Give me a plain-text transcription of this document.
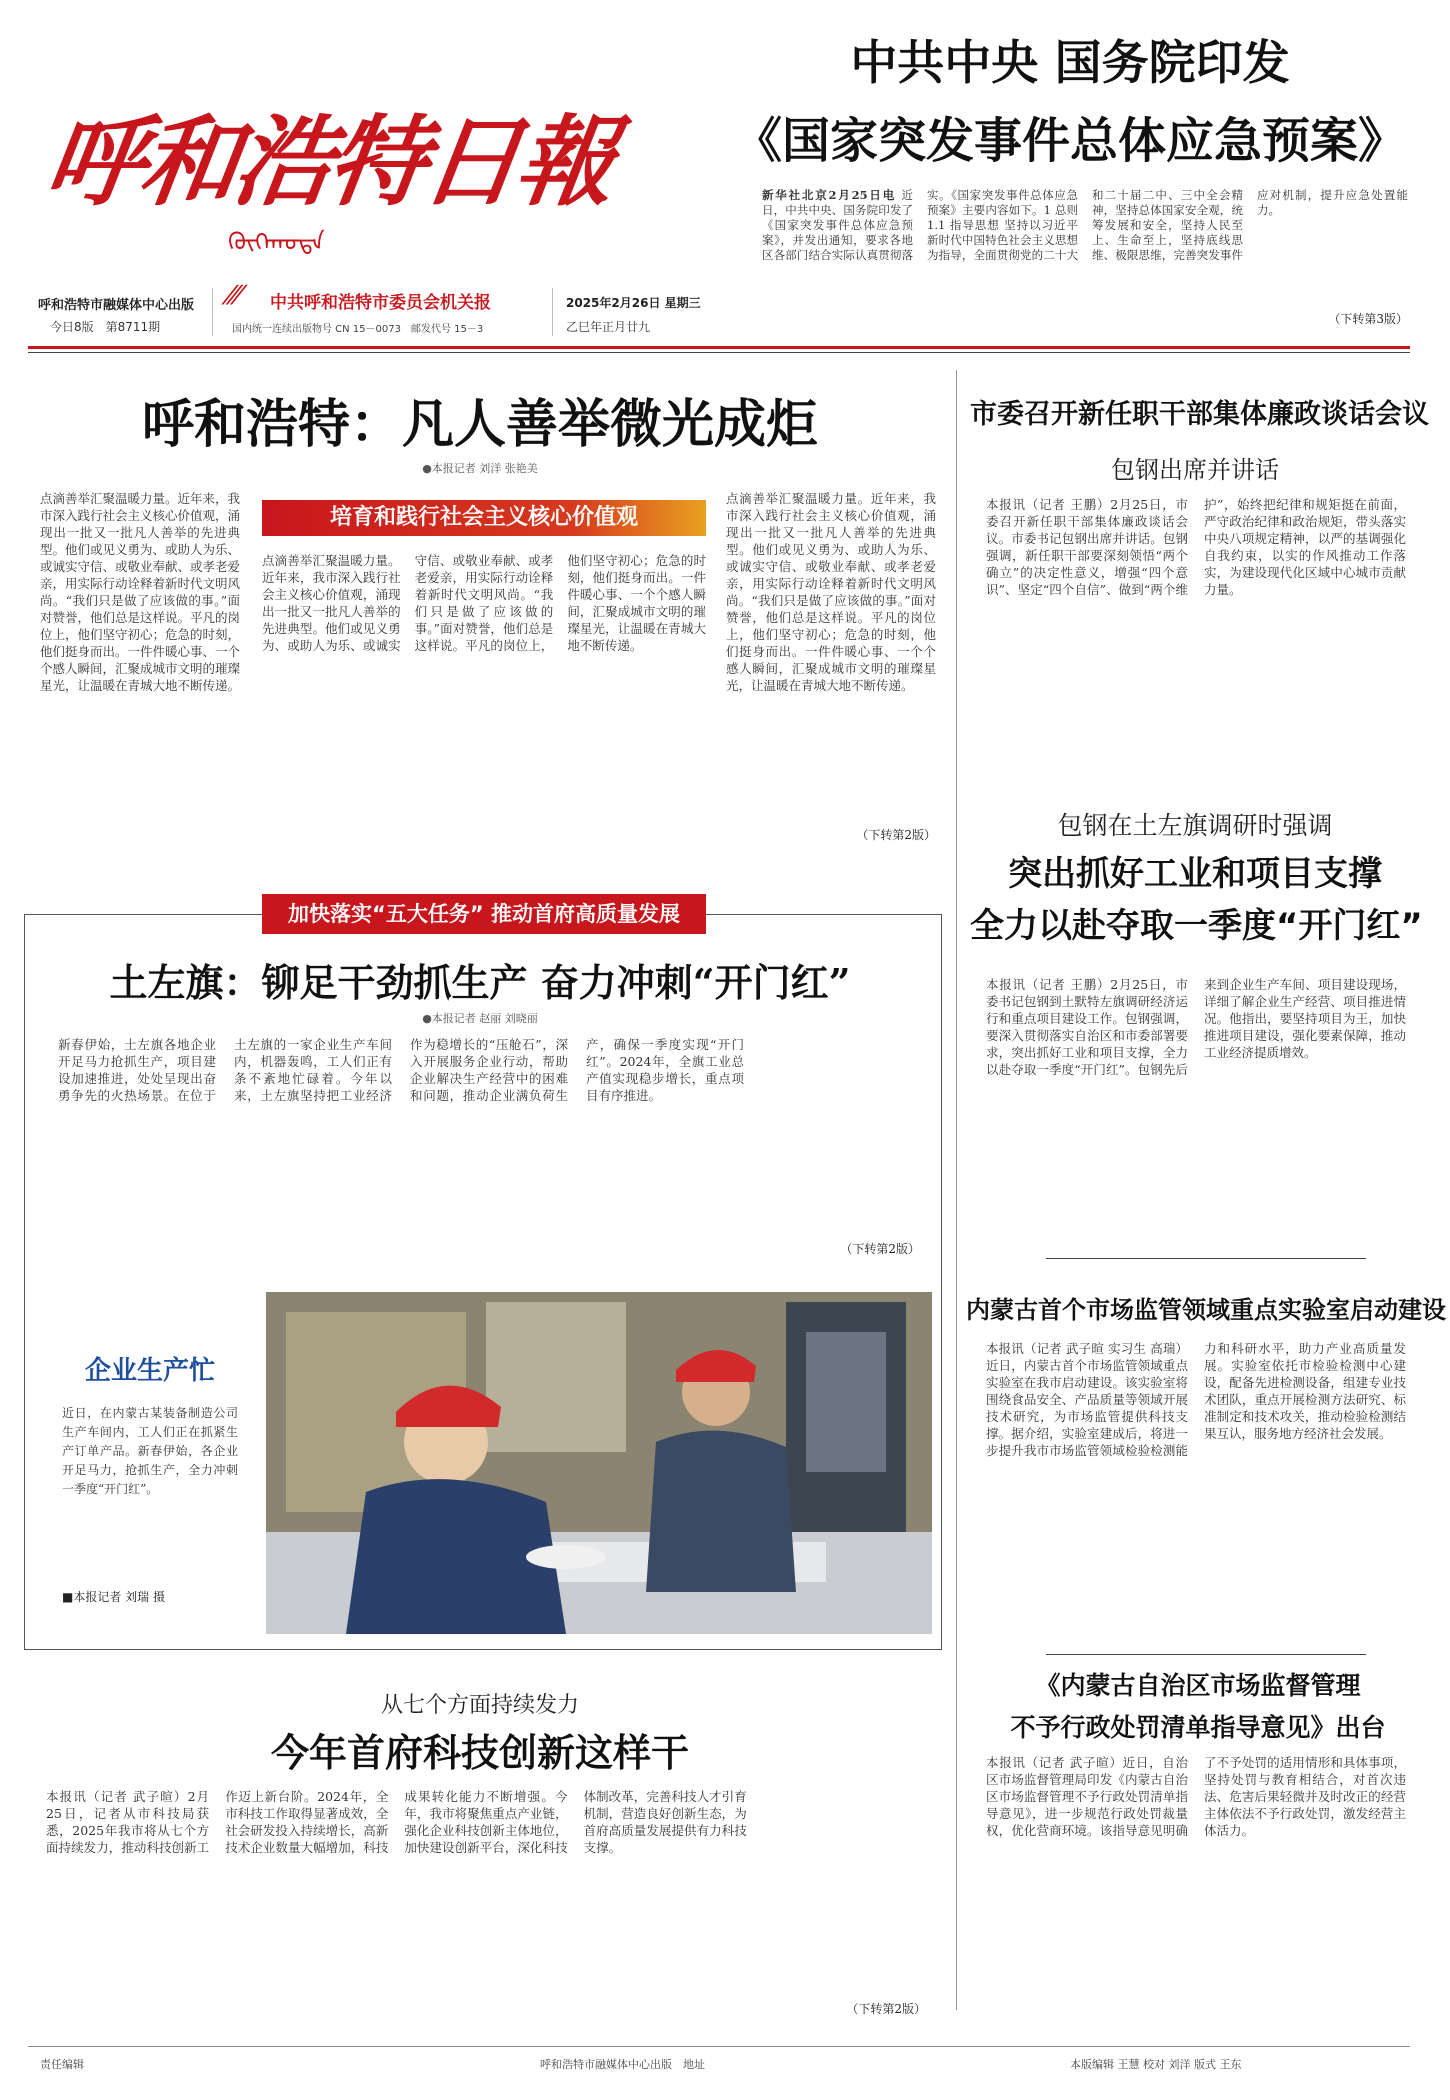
呼和浩特日報
ᠬᠥᠬᠡᠬᠣᠲᠠ
呼和浩特市融媒体中心出版
今日8版　第8711期
⁄⁄⁄	中共呼和浩特市委员会机关报
国内统一连续出版物号 CN 15－0073　邮发代号 15－3
2025年2月26日 星期三
乙巳年正月廿九
中共中央 国务院印发
《国家突发事件总体应急预案》
新华社北京2月25日电 近日，中共中央、国务院印发了《国家突发事件总体应急预案》，并发出通知，要求各地区各部门结合实际认真贯彻落实。《国家突发事件总体应急预案》主要内容如下。1 总则 1.1 指导思想 坚持以习近平新时代中国特色社会主义思想为指导，全面贯彻党的二十大和二十届二中、三中全会精神，坚持总体国家安全观，统筹发展和安全，坚持人民至上、生命至上，坚持底线思维、极限思维，完善突发事件应对机制，提升应急处置能力。
（下转第3版）
呼和浩特：凡人善举微光成炬
●本报记者 刘洋 张艳美
点滴善举汇聚温暖力量。近年来，我市深入践行社会主义核心价值观，涌现出一批又一批凡人善举的先进典型。他们或见义勇为、或助人为乐、或诚实守信、或敬业奉献、或孝老爱亲，用实际行动诠释着新时代文明风尚。“我们只是做了应该做的事。”面对赞誉，他们总是这样说。平凡的岗位上，他们坚守初心；危急的时刻，他们挺身而出。一件件暖心事、一个个感人瞬间，汇聚成城市文明的璀璨星光，让温暖在青城大地不断传递。
培育和践行社会主义核心价值观
点滴善举汇聚温暖力量。近年来，我市深入践行社会主义核心价值观，涌现出一批又一批凡人善举的先进典型。他们或见义勇为、或助人为乐、或诚实守信、或敬业奉献、或孝老爱亲，用实际行动诠释着新时代文明风尚。“我们只是做了应该做的事。”面对赞誉，他们总是这样说。平凡的岗位上，他们坚守初心；危急的时刻，他们挺身而出。一件件暖心事、一个个感人瞬间，汇聚成城市文明的璀璨星光，让温暖在青城大地不断传递。
点滴善举汇聚温暖力量。近年来，我市深入践行社会主义核心价值观，涌现出一批又一批凡人善举的先进典型。他们或见义勇为、或助人为乐、或诚实守信、或敬业奉献、或孝老爱亲，用实际行动诠释着新时代文明风尚。“我们只是做了应该做的事。”面对赞誉，他们总是这样说。平凡的岗位上，他们坚守初心；危急的时刻，他们挺身而出。一件件暖心事、一个个感人瞬间，汇聚成城市文明的璀璨星光，让温暖在青城大地不断传递。
（下转第2版）
市委召开新任职干部集体廉政谈话会议
包钢出席并讲话
本报讯（记者 王鹏）2月25日，市委召开新任职干部集体廉政谈话会议。市委书记包钢出席并讲话。包钢强调，新任职干部要深刻领悟“两个确立”的决定性意义，增强“四个意识”、坚定“四个自信”、做到“两个维护”，始终把纪律和规矩挺在前面，严守政治纪律和政治规矩，带头落实中央八项规定精神，以严的基调强化自我约束，以实的作风推动工作落实，为建设现代化区域中心城市贡献力量。
包钢在土左旗调研时强调
突出抓好工业和项目支撑
全力以赴夺取一季度“开门红”
本报讯（记者 王鹏）2月25日，市委书记包钢到土默特左旗调研经济运行和重点项目建设工作。包钢强调，要深入贯彻落实自治区和市委部署要求，突出抓好工业和项目支撑，全力以赴夺取一季度“开门红”。包钢先后来到企业生产车间、项目建设现场，详细了解企业生产经营、项目推进情况。他指出，要坚持项目为王，加快推进项目建设，强化要素保障，推动工业经济提质增效。
内蒙古首个市场监管领域重点实验室启动建设
本报讯（记者 武子暄 实习生 高瑞）近日，内蒙古首个市场监管领域重点实验室在我市启动建设。该实验室将围绕食品安全、产品质量等领域开展技术研究，为市场监管提供科技支撑。据介绍，实验室建成后，将进一步提升我市市场监管领域检验检测能力和科研水平，助力产业高质量发展。实验室依托市检验检测中心建设，配备先进检测设备，组建专业技术团队，重点开展检测方法研究、标准制定和技术攻关，推动检验检测结果互认，服务地方经济社会发展。
《内蒙古自治区市场监督管理
不予行政处罚清单指导意见》出台
本报讯（记者 武子暄）近日，自治区市场监督管理局印发《内蒙古自治区市场监督管理不予行政处罚清单指导意见》，进一步规范行政处罚裁量权，优化营商环境。该指导意见明确了不予处罚的适用情形和具体事项，坚持处罚与教育相结合，对首次违法、危害后果轻微并及时改正的经营主体依法不予行政处罚，激发经营主体活力。
加快落实“五大任务” 推动首府高质量发展
土左旗：铆足干劲抓生产 奋力冲刺“开门红”
●本报记者 赵丽 刘晓丽
新春伊始，土左旗各地企业开足马力抢抓生产，项目建设加速推进，处处呈现出奋勇争先的火热场景。在位于土左旗的一家企业生产车间内，机器轰鸣，工人们正有条不紊地忙碌着。今年以来，土左旗坚持把工业经济作为稳增长的“压舱石”，深入开展服务企业行动，帮助企业解决生产经营中的困难和问题，推动企业满负荷生产，确保一季度实现“开门红”。2024年，全旗工业总产值实现稳步增长，重点项目有序推进。
（下转第2版）
企业生产忙
近日，在内蒙古某装备制造公司生产车间内，工人们正在抓紧生产订单产品。新春伊始，各企业开足马力，抢抓生产，全力冲刺一季度“开门红”。
■本报记者 刘瑞 摄
从七个方面持续发力
今年首府科技创新这样干
本报讯（记者 武子暄）2月25日，记者从市科技局获悉，2025年我市将从七个方面持续发力，推动科技创新工作迈上新台阶。2024年，全市科技工作取得显著成效，全社会研发投入持续增长，高新技术企业数量大幅增加，科技成果转化能力不断增强。今年，我市将聚焦重点产业链，强化企业科技创新主体地位，加快建设创新平台，深化科技体制改革，完善科技人才引育机制，营造良好创新生态，为首府高质量发展提供有力科技支撑。
（下转第2版）
呼和浩特市融媒体中心出版　地址	本版编辑 王慧 校对 刘洋 版式 王东
责任编辑
